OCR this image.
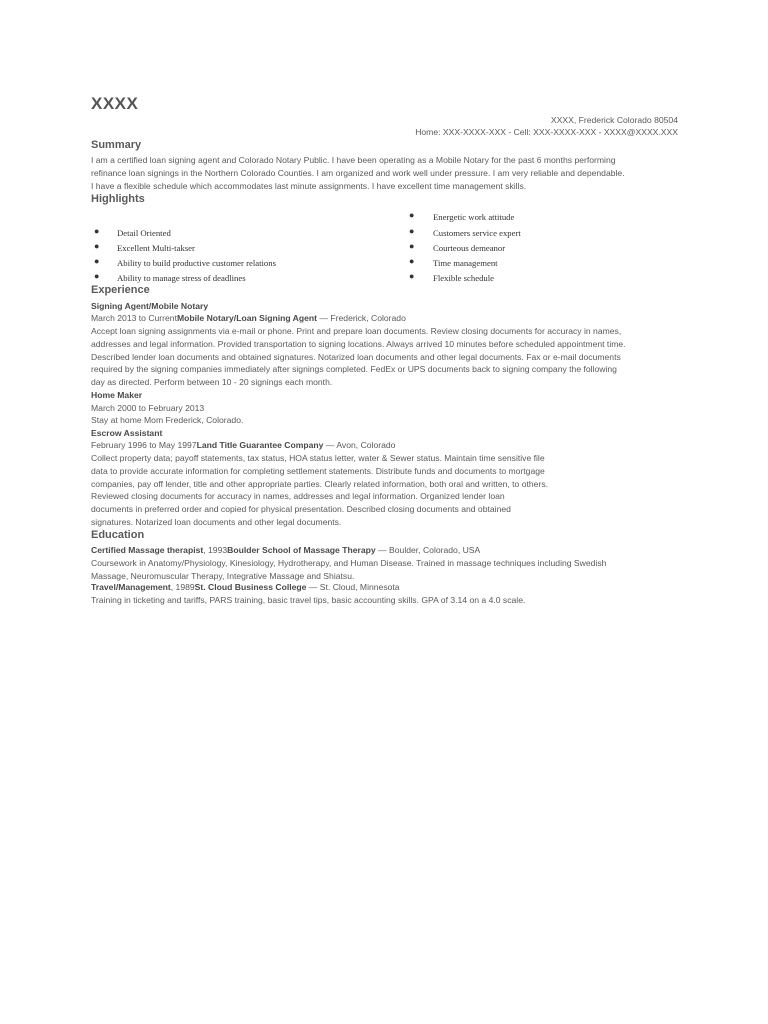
XXXX
XXXX, Frederick Colorado 80504
Home: XXX-XXXX-XXX - Cell: XXX-XXXX-XXX - XXXX@XXXX.XXX
Summary

I am a certified loan signing agent and Colorado Notary Public. I have been operating as a Mobile Notary for the past 6 months performing

refinance loan signings in the Northern Colorado Counties. I am organized and work well under pressure. I am very reliable and dependable.

I have a flexible schedule which accommodates last minute assignments. I have excellent time management skills.

Highlights
● Detail Oriented
● Excellent Multi-takser
● Ability to build productive customer relations
● Ability to manage stress of deadlines
● Energetic work attitude
● Customers service expert
● Courteous demeanor
● Time management
● Flexible schedule
Experience
Signing Agent/Mobile Notary
March 2013 to CurrentMobile Notary/Loan Signing Agent — Frederick, Colorado

Accept loan signing assignments via e-mail or phone. Print and prepare loan documents. Review closing documents for accuracy in names,

addresses and legal information. Provided transportation to signing locations. Always arrived 10 minutes before scheduled appointment time.

Described lender loan documents and obtained signatures. Notarized loan documents and other legal documents. Fax or e-mail documents

required by the signing companies immediately after signings completed. FedEx or UPS documents back to signing company the following

day as directed. Perform between 10 - 20 signings each month.

Home Maker
March 2000 to February 2013
Stay at home Mom Frederick, Colorado.
Escrow Assistant
February 1996 to May 1997Land Title Guarantee Company — Avon, Colorado

Collect property data; payoff statements, tax status, HOA status letter, water & Sewer status. Maintain time sensitive file

data to provide accurate information for completing settlement statements. Distribute funds and documents to mortgage

companies, pay off lender, title and other appropriate parties. Clearly related information, both oral and written, to others.

Reviewed closing documents for accuracy in names, addresses and legal information. Organized lender loan

documents in preferred order and copied for physical presentation. Described closing documents and obtained

signatures. Notarized loan documents and other legal documents.

Education
Certified Massage therapist, 1993Boulder School of Massage Therapy — Boulder, Colorado, USA

Coursework in Anatomy/Physiology, Kinesiology, Hydrotherapy, and Human Disease. Trained in massage techniques including Swedish

Massage, Neuromuscular Therapy, Integrative Massage and Shiatsu.

Travel/Management, 1989St. Cloud Business College — St. Cloud, Minnesota
Training in ticketing and tariffs, PARS training, basic travel tips, basic accounting skills. GPA of 3.14 on a 4.0 scale.
